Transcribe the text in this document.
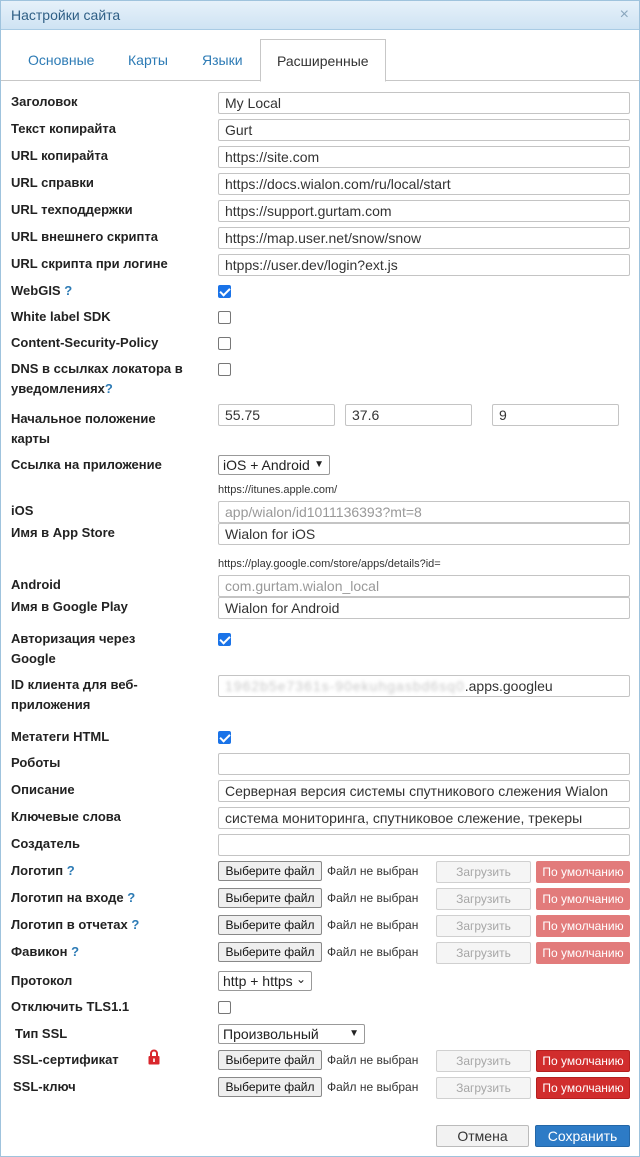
Настройки сайта	×
Основные Карты Языки	Расширенные
Заголовок	My Local
Текст копирайта	Gurt
URL копирайта	https://site.com
URL справки	https://docs.wialon.com/ru/local/start
URL техподдержки	https://support.gurtam.com
URL внешнего скрипта	https://map.user.net/snow/snow
URL скрипта при логине	htpps://user.dev/login?ext.js
WebGIS ?
White label SDK
Content-Security-Policy
DNS в ссылках локатора в
уведомлениях?
Начальное положение
карты
55.75	37.6	9
Ссылка на приложение	iOS + Android ▼
https://itunes.apple.com/
iOS	app/wialon/id1011136393?mt=8
Имя в App Store	Wialon for iOS
https://play.google.com/store/apps/details?id=
Android	com.gurtam.wialon_local
Имя в Google Play	Wialon for Android
Авторизация через
Google
ID клиента для веб-
приложения
1962b5e7361s-90ekuhgasbd6sq0.apps.googleu
Метатеги HTML
Роботы
Описание	Серверная версия системы спутникового слежения Wialon
Ключевые слова	система мониторинга, спутниковое слежение, трекеры
Создатель
Логотип ?	Выберите файл	Файл не выбран	Загрузить	По умолчанию
Логотип на входе ?	Выберите файл	Файл не выбран	Загрузить	По умолчанию
Логотип в отчетах ?	Выберите файл	Файл не выбран	Загрузить	По умолчанию
Фавикон ?	Выберите файл	Файл не выбран	Загрузить	По умолчанию
Протокол	http + https ⌄
Отключить TLS1.1
Тип SSL	Произвольный	▼
SSL-сертификат	Выберите файл	Файл не выбран	Загрузить	По умолчанию
SSL-ключ	Выберите файл	Файл не выбран	Загрузить	По умолчанию
Отмена	Сохранить
